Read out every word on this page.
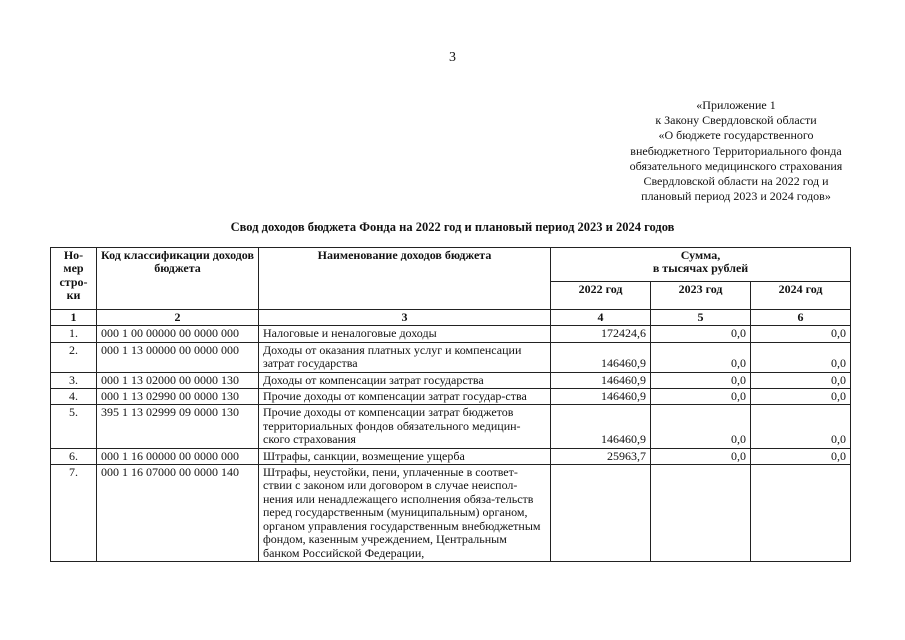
3
«Приложение 1
к Закону Свердловской области
«О бюджете государственного
внебюджетного Территориального фонда
обязательного медицинского страхования
Свердловской области на 2022 год и
плановый период 2023 и 2024 годов»
Свод доходов бюджета Фонда на 2022 год и плановый период 2023 и 2024 годов
Но-мер стро-ки	Код классификации доходов бюджета	Наименование доходов бюджета	Сумма,
в тысячах рублей		

			2022 год	2023 год	2024 год
1	2	3	4	5	6
1.	000 1 00 00000 00 0000 000	Налоговые и неналоговые доходы	172424,6	0,0	0,0
2.	000 1 13 00000 00 0000 000	Доходы от оказания платных услуг и компенсации затрат государства	146460,9	0,0	0,0
3.	000 1 13 02000 00 0000 130	Доходы от компенсации затрат государства	146460,9	0,0	0,0
4.	000 1 13 02990 00 0000 130	Прочие доходы от компенсации затрат государ-ства	146460,9	0,0	0,0
5.	395 1 13 02999 09 0000 130	Прочие доходы от компенсации затрат бюджетов территориальных фондов обязательного медицин-ского страхования	146460,9	0,0	0,0
6.	000 1 16 00000 00 0000 000	Штрафы, санкции, возмещение ущерба	25963,7	0,0	0,0
7.	000 1 16 07000 00 0000 140	Штрафы, неустойки, пени, уплаченные в соответ-ствии с законом или договором в случае неиспол-нения или ненадлежащего исполнения обяза-тельств перед государственным (муниципальным) органом, органом управления государственным внебюджетным фондом, казенным учреждением, Центральным банком Российской Федерации,			
